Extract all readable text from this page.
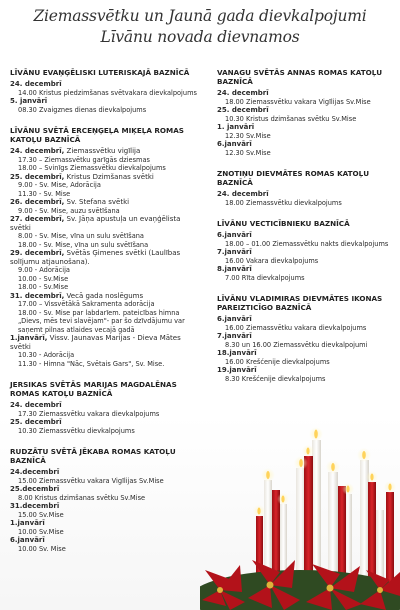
Ziemassvētku un Jaunā gada dievkalpojumi
Līvānu novada dievnamos
LĪVĀNU EVAŅĢĒLISKI LUTERISKAJĀ BAZNĪCĀ
24. decembrī
14.00 Kristus piedzimšanas svētvakara dievkalpojums
5. janvārī
08.30 Zvaigznes dienas dievkalpojums
LĪVĀNU SVĒTĀ ERCEŅĢEĻA MIĶEĻA ROMAS KATOĻU BAZNĪCĀ
24. decembrī, Ziemassvētku vigīlija
17.30 – Ziemassvētku garīgās dziesmas
18.00 – Svinīgs Ziemassvētku dievkalpojums
25. decembrī, Kristus Dzimšanas svētki
9.00 - Sv. Mise, Adorācija
11.30 - Sv. Mise
26. decembrī, Sv. Stefana svētki
9.00 - Sv. Mise, auzu svētīšana
27. decembrī, Sv. Jāņa apustuļa un evaņģēlista svētki
8.00 - Sv. Mise, vīna un sulu svētīšana
18.00 - Sv. Mise, vīna un sulu svētīšana
29. decembrī, Svētās Ģimenes svētki (Laulības solījumu atjaunošana).
9.00 - Adorācija
10.00 - Sv.Mise
18.00 - Sv.Mise
31. decembrī, Vecā gada noslēgums
17.00 – Vissvētākā Sakramenta adorācija
18.00 - Sv. Mise par labdarīem. pateicības himna „Dievs, mēs tevi slavējam"- par šo dzīvdājumu var saņemt pilnas atlaides vecajā gadā
1.janvārī, Vissv. Jaunavas Marijas - Dieva Mātes svētki
10.30 - Adorācija
11.30 - Himna "Nāc, Svētais Gars", Sv. Mise.
JERSIKAS SVĒTĀS MARIJAS MAGDALĒNAS ROMAS KATOĻU BAZNĪCĀ
24. decembrī
17.30 Ziemassvētku vakara dievkalpojums
25. decembrī
10.30 Ziemassvētku dievkalpojums
RUDZĀTU SVĒTĀ JĒKABA ROMAS KATOĻU BAZNĪCĀ
24.decembrī
15.00 Ziemassvētku vakara Vigīlijas Sv.Mise
25.decembrī
8.00 Kristus dzimšanas svētku Sv.Mise
31.decembrī
15.00 Sv.Mise
1.janvārī
10.00 Sv.Mise
6.janvārī
10.00 Sv. Mise
VANAGU SVĒTĀS ANNAS ROMAS KATOĻU BAZNĪCĀ
24. decembrī
18.00 Ziemassvētku vakara Vigīlijas Sv.Mise
25. decembrī
10.30 Kristus dzimšanas svētku Sv.Mise
1. janvārī
12.30 Sv.Mise
6.janvārī
12.30 Sv.Mise
ZNOTIŅU DIEVMĀTES ROMAS KATOĻU BAZNĪCĀ
24. decembrī
18.00 Ziemassvētku dievkalpojums
LĪVĀNU VECTICĪBNIEKU BAZNĪCĀ
6.janvārī
18.00 – 01.00 Ziemassvētku nakts dievkalpojums
7.janvārī
16.00 Vakara dievkalpojums
8.janvārī
7.00 Rīta dievkalpojums
LĪVĀNU VLADIMIRAS DIEVMĀTES IKONAS PAREIZTICĪGO BAZNĪCĀ
6.janvārī
16.00 Ziemassvētku vakara dievkalpojums
7.janvārī
8.30 un 16.00 Ziemassvētku dievkalpojumi
18.janvārī
16.00 Krešćenije dievkalpojums
19.janvārī
8.30 Krešćenije dievkalpojums
